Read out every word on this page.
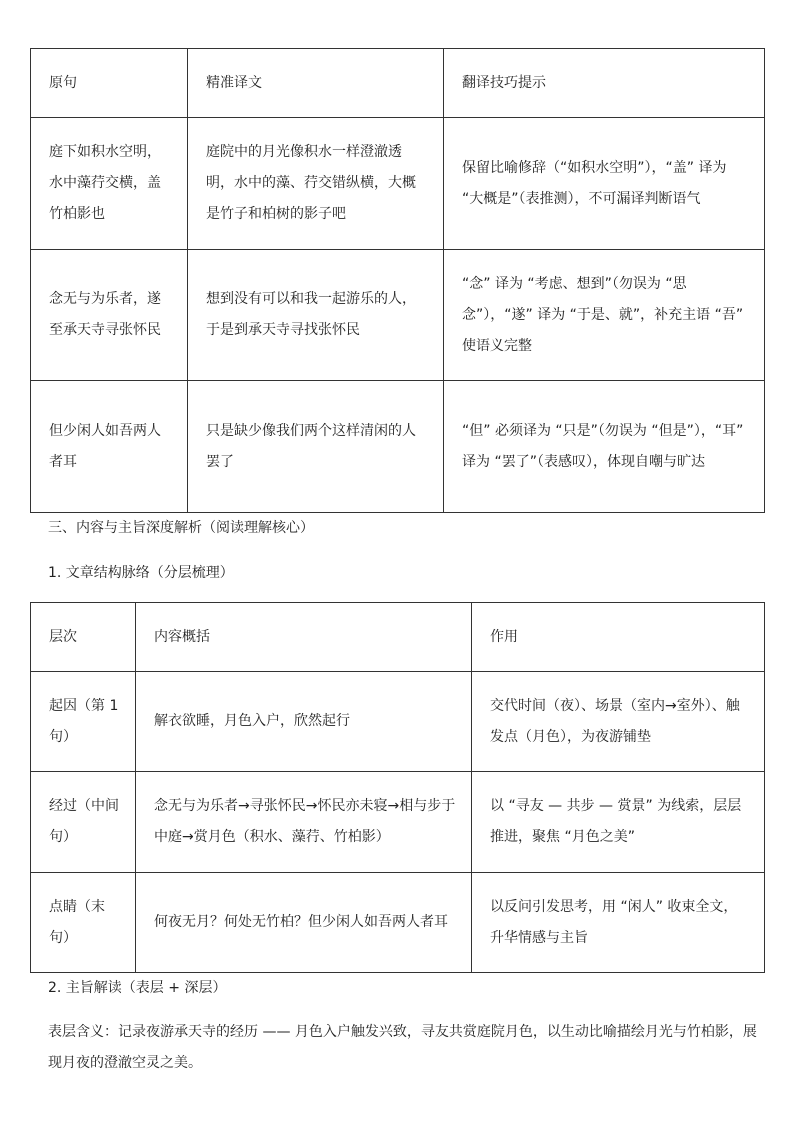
原句	精准译文	翻译技巧提示
庭下如积水空明，水中藻荇交横，盖竹柏影也	庭院中的月光像积水一样澄澈透明，水中的藻、荇交错纵横，大概是竹子和柏树的影子吧	保留比喻修辞（“如积水空明”），“盖” 译为 “大概是”（表推测），不可漏译判断语气
念无与为乐者，遂至承天寺寻张怀民	想到没有可以和我一起游乐的人，于是到承天寺寻找张怀民	“念” 译为 “考虑、想到”（勿误为 “思念”），“遂” 译为 “于是、就”，补充主语 “吾” 使语义完整
但少闲人如吾两人者耳	只是缺少像我们两个这样清闲的人罢了	“但” 必须译为 “只是”（勿误为 “但是”），“耳” 译为 “罢了”（表感叹），体现自嘲与旷达
三、内容与主旨深度解析（阅读理解核心）
1. 文章结构脉络（分层梳理）
层次	内容概括	作用
起因（第 1 句）	解衣欲睡，月色入户，欣然起行	交代时间（夜）、场景（室内→室外）、触发点（月色），为夜游铺垫
经过（中间句）	念无与为乐者→寻张怀民→怀民亦未寝→相与步于中庭→赏月色（积水、藻荇、竹柏影）	以 “寻友 — 共步 — 赏景” 为线索，层层推进，聚焦 “月色之美”
点睛（末句）	何夜无月？何处无竹柏？但少闲人如吾两人者耳	以反问引发思考，用 “闲人” 收束全文，升华情感与主旨
2. 主旨解读（表层 + 深层）
表层含义：记录夜游承天寺的经历 —— 月色入户触发兴致，寻友共赏庭院月色，以生动比喻描绘月光与竹柏影，展现月夜的澄澈空灵之美。
